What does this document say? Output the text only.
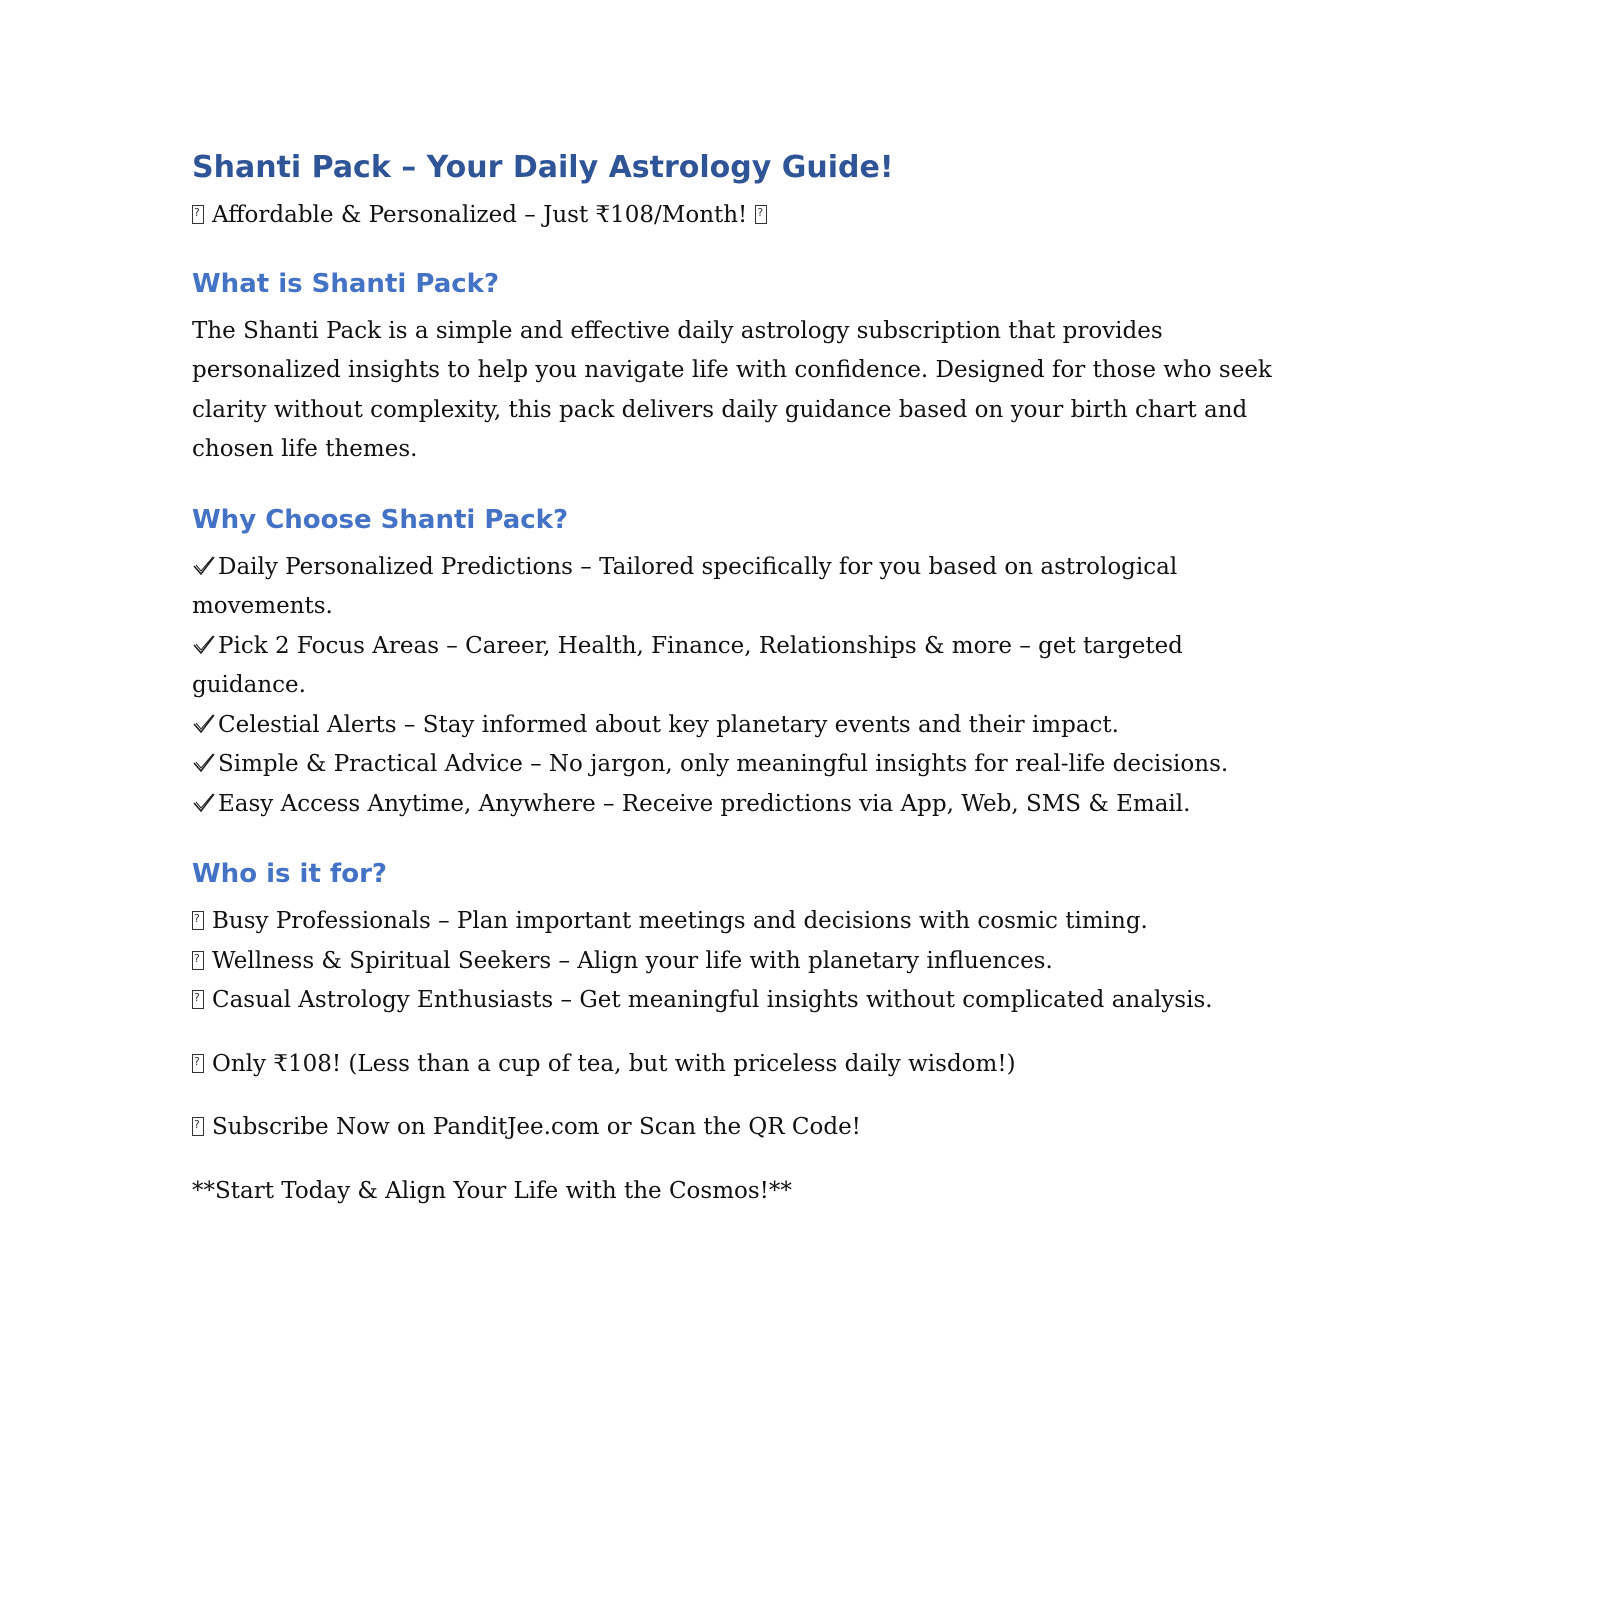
Shanti Pack – Your Daily Astrology Guide!
?Affordable & Personalized – Just ₹108/Month!?
What is Shanti Pack?
The Shanti Pack is a simple and effective daily astrology subscription that provides
personalized insights to help you navigate life with confidence. Designed for those who seek
clarity without complexity, this pack delivers daily guidance based on your birth chart and
chosen life themes.
Why Choose Shanti Pack?
Daily Personalized Predictions – Tailored specifically for you based on astrological
movements.
Pick 2 Focus Areas – Career, Health, Finance, Relationships & more – get targeted
guidance.
Celestial Alerts – Stay informed about key planetary events and their impact.
Simple & Practical Advice – No jargon, only meaningful insights for real-life decisions.
Easy Access Anytime, Anywhere – Receive predictions via App, Web, SMS & Email.
Who is it for?
?Busy Professionals – Plan important meetings and decisions with cosmic timing.
?Wellness & Spiritual Seekers – Align your life with planetary influences.
?Casual Astrology Enthusiasts – Get meaningful insights without complicated analysis.
?Only ₹108! (Less than a cup of tea, but with priceless daily wisdom!)
?Subscribe Now on PanditJee.com or Scan the QR Code!
**Start Today & Align Your Life with the Cosmos!**
